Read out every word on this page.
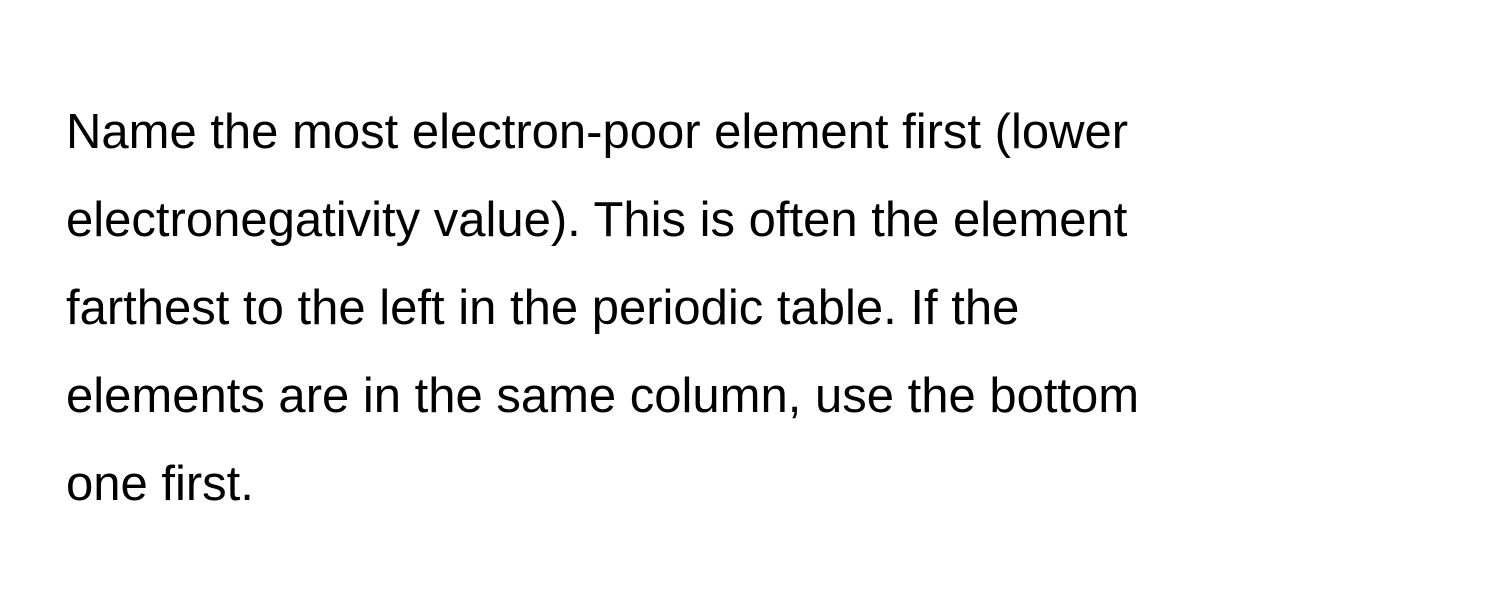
Name the most electron-poor element first (lower
electronegativity value). This is often the element
farthest to the left in the periodic table. If the
elements are in the same column, use the bottom
one first.
